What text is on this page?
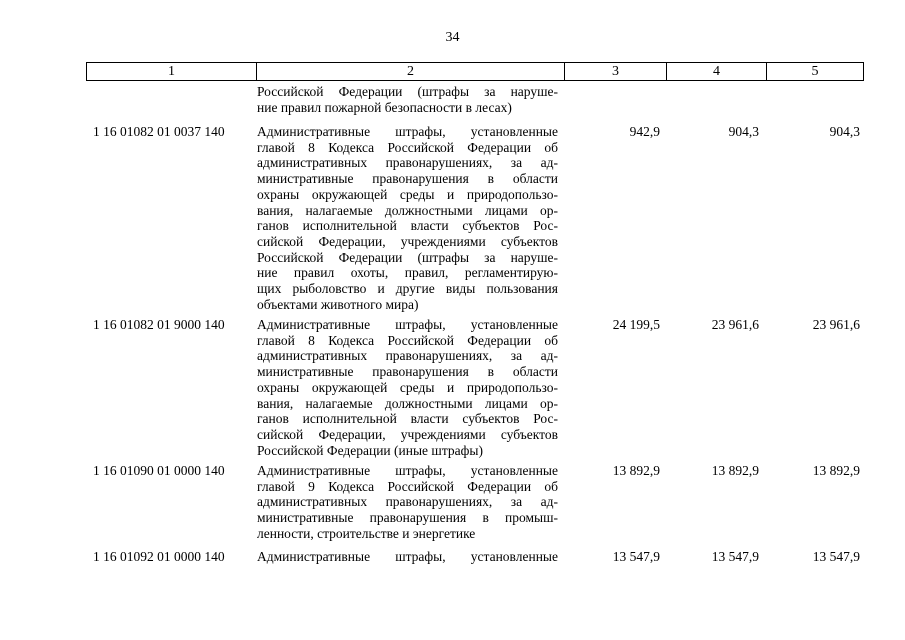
34
1	2	3	4	5
Российской Федерации (штрафы за наруше-
ние правил пожарной безопасности в лесах)
1 16 01082 01 0037 140	Административные штрафы, установленные
главой 8 Кодекса Российской Федерации об
административных правонарушениях, за ад-
министративные правонарушения в области
охраны окружающей среды и природопользо-
вания, налагаемые должностными лицами ор-
ганов исполнительной власти субъектов Рос-
сийской Федерации, учреждениями субъектов
Российской Федерации (штрафы за наруше-
ние правил охоты, правил, регламентирую-
щих рыболовство и другие виды пользования
объектами животного мира)
942,9	904,3	904,3
1 16 01082 01 9000 140	Административные штрафы, установленные
главой 8 Кодекса Российской Федерации об
административных правонарушениях, за ад-
министративные правонарушения в области
охраны окружающей среды и природопользо-
вания, налагаемые должностными лицами ор-
ганов исполнительной власти субъектов Рос-
сийской Федерации, учреждениями субъектов
Российской Федерации (иные штрафы)
24 199,5	23 961,6	23 961,6
1 16 01090 01 0000 140	Административные штрафы, установленные
главой 9 Кодекса Российской Федерации об
административных правонарушениях, за ад-
министративные правонарушения в промыш-
ленности, строительстве и энергетике
13 892,9	13 892,9	13 892,9
1 16 01092 01 0000 140	Административные штрафы, установленные	13 547,9	13 547,9	13 547,9
